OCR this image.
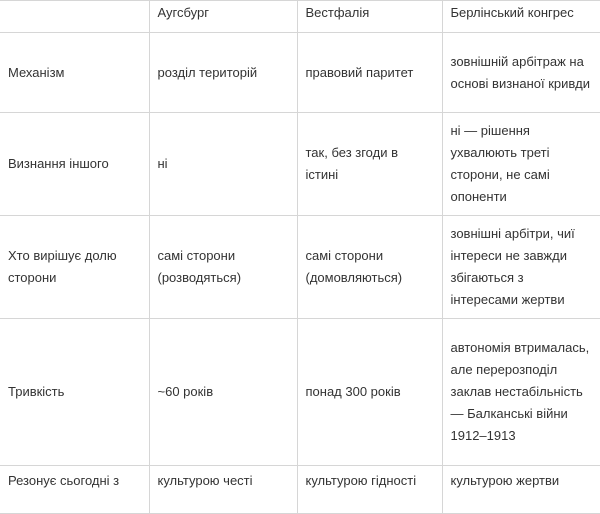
	Аугсбург	Вестфалія	Берлінський конгрес
Механізм	розділ територій	правовий паритет	зовнішній арбітраж на основі визнаної кривди
Визнання іншого	ні	так, без згоди в істині	ні — рішення ухвалюють треті сторони, не самі опоненти
Хто вирішує долю сторони	самі сторони (розводяться)	самі сторони (домовляються)	зовнішні арбітри, чиї інтереси не завжди збігаються з інтересами жертви
Тривкість	~60 років	понад 300 років	автономія втрималась, але перерозподіл заклав нестабільність — Балканські війни 1912–1913
Резонує сьогодні з	культурою честі	культурою гідності	культурою жертви
